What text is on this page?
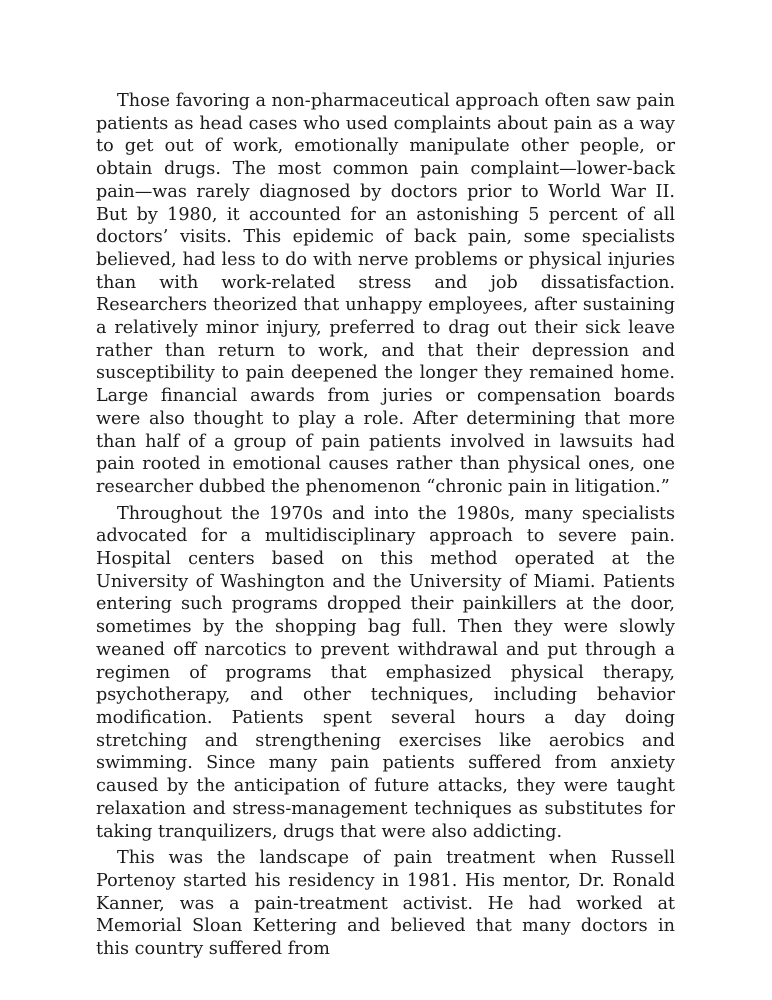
Those favoring a non-pharmaceutical approach often saw pain patients as head cases who used complaints about pain as a way to get out of work, emotionally manipulate other people, or obtain drugs. The most common pain complaint—lower-back pain—was rarely diagnosed by doctors prior to World War II. But by 1980, it accounted for an astonishing 5 percent of all doctors’ visits. This epidemic of back pain, some specialists believed, had less to do with nerve problems or physical injuries than with work-related stress and job dissatisfaction. Researchers theorized that unhappy employees, after sustaining a relatively minor injury, preferred to drag out their sick leave rather than return to work, and that their depression and susceptibility to pain deepened the longer they remained home. Large financial awards from juries or compensation boards were also thought to play a role. After determining that more than half of a group of pain patients involved in lawsuits had pain rooted in emotional causes rather than physical ones, one researcher dubbed the phenomenon “chronic pain in litigation.”

Throughout the 1970s and into the 1980s, many specialists advocated for a multidisciplinary approach to severe pain. Hospital centers based on this method operated at the University of Washington and the University of Miami. Patients entering such programs dropped their painkillers at the door, sometimes by the shopping bag full. Then they were slowly weaned off narcotics to prevent withdrawal and put through a regimen of programs that emphasized physical therapy, psychotherapy, and other techniques, including behavior modification. Patients spent several hours a day doing stretching and strengthening exercises like aerobics and swimming. Since many pain patients suffered from anxiety caused by the anticipation of future attacks, they were taught relaxation and stress-management techniques as substitutes for taking tranquilizers, drugs that were also addicting.

This was the landscape of pain treatment when Russell Portenoy started his residency in 1981. His mentor, Dr. Ronald Kanner, was a pain-treatment activist. He had worked at Memorial Sloan Kettering and believed that many doctors in this country suffered from
